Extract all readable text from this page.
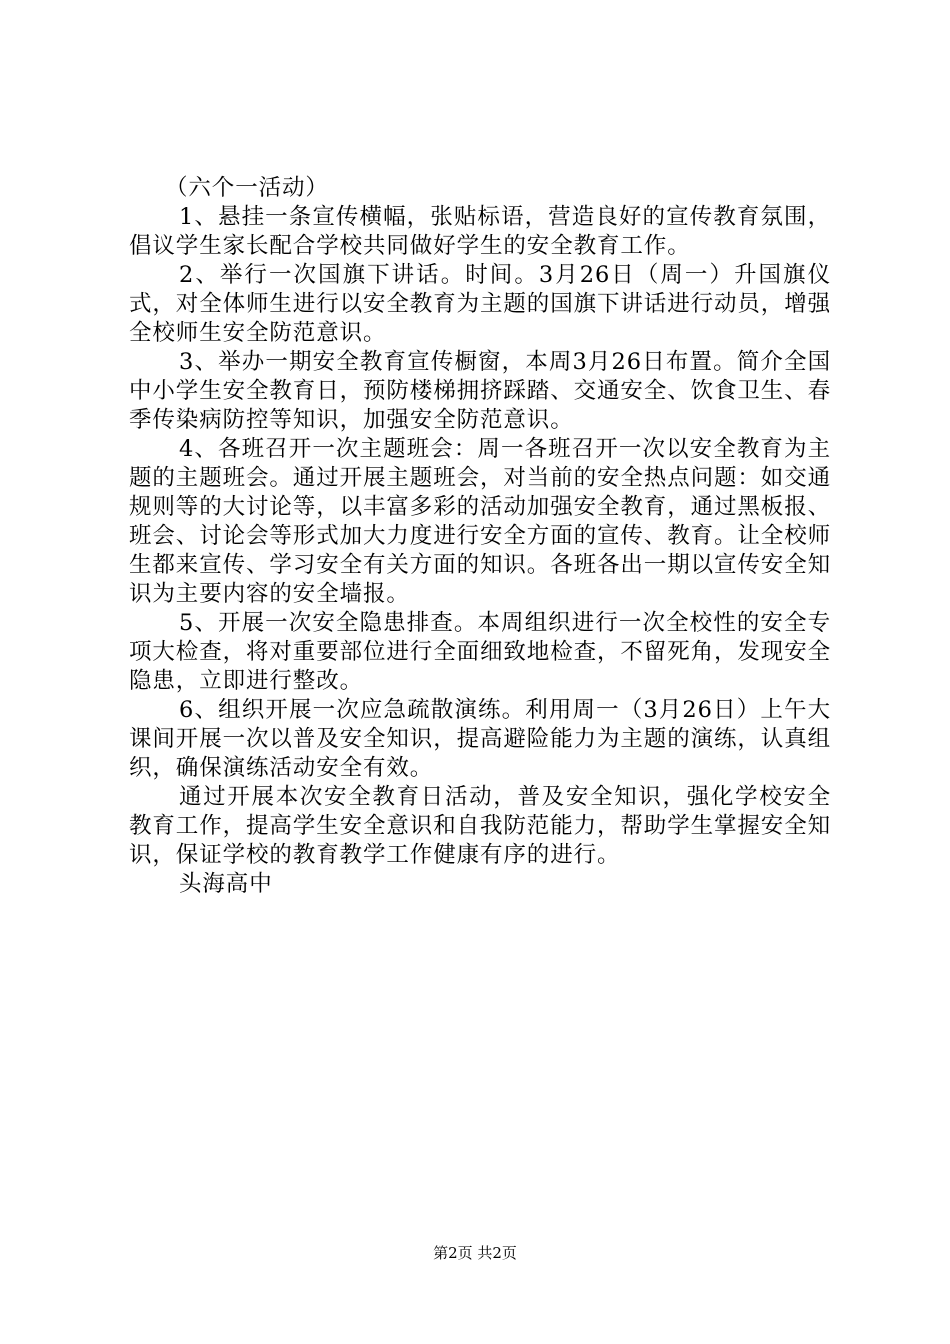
（六个一活动）

1、悬挂一条宣传横幅，张贴标语，营造良好的宣传教育氛围，倡议学生家长配合学校共同做好学生的安全教育工作。

2、举行一次国旗下讲话。时间。3月26日（周一）升国旗仪式，对全体师生进行以安全教育为主题的国旗下讲话进行动员，增强全校师生安全防范意识。

3、举办一期安全教育宣传橱窗，本周3月26日布置。简介全国中小学生安全教育日，预防楼梯拥挤踩踏、交通安全、饮食卫生、春季传染病防控等知识，加强安全防范意识。

4、各班召开一次主题班会：周一各班召开一次以安全教育为主题的主题班会。通过开展主题班会，对当前的安全热点问题：如交通规则等的大讨论等，以丰富多彩的活动加强安全教育，通过黑板报、班会、讨论会等形式加大力度进行安全方面的宣传、教育。让全校师生都来宣传、学习安全有关方面的知识。各班各出一期以宣传安全知识为主要内容的安全墙报。

5、开展一次安全隐患排查。本周组织进行一次全校性的安全专项大检查，将对重要部位进行全面细致地检查，不留死角，发现安全隐患，立即进行整改。

6、组织开展一次应急疏散演练。利用周一（3月26日）上午大课间开展一次以普及安全知识，提高避险能力为主题的演练，认真组织，确保演练活动安全有效。

通过开展本次安全教育日活动，普及安全知识，强化学校安全教育工作，提高学生安全意识和自我防范能力，帮助学生掌握安全知识，保证学校的教育教学工作健康有序的进行。

头海高中

第2页 共2页
